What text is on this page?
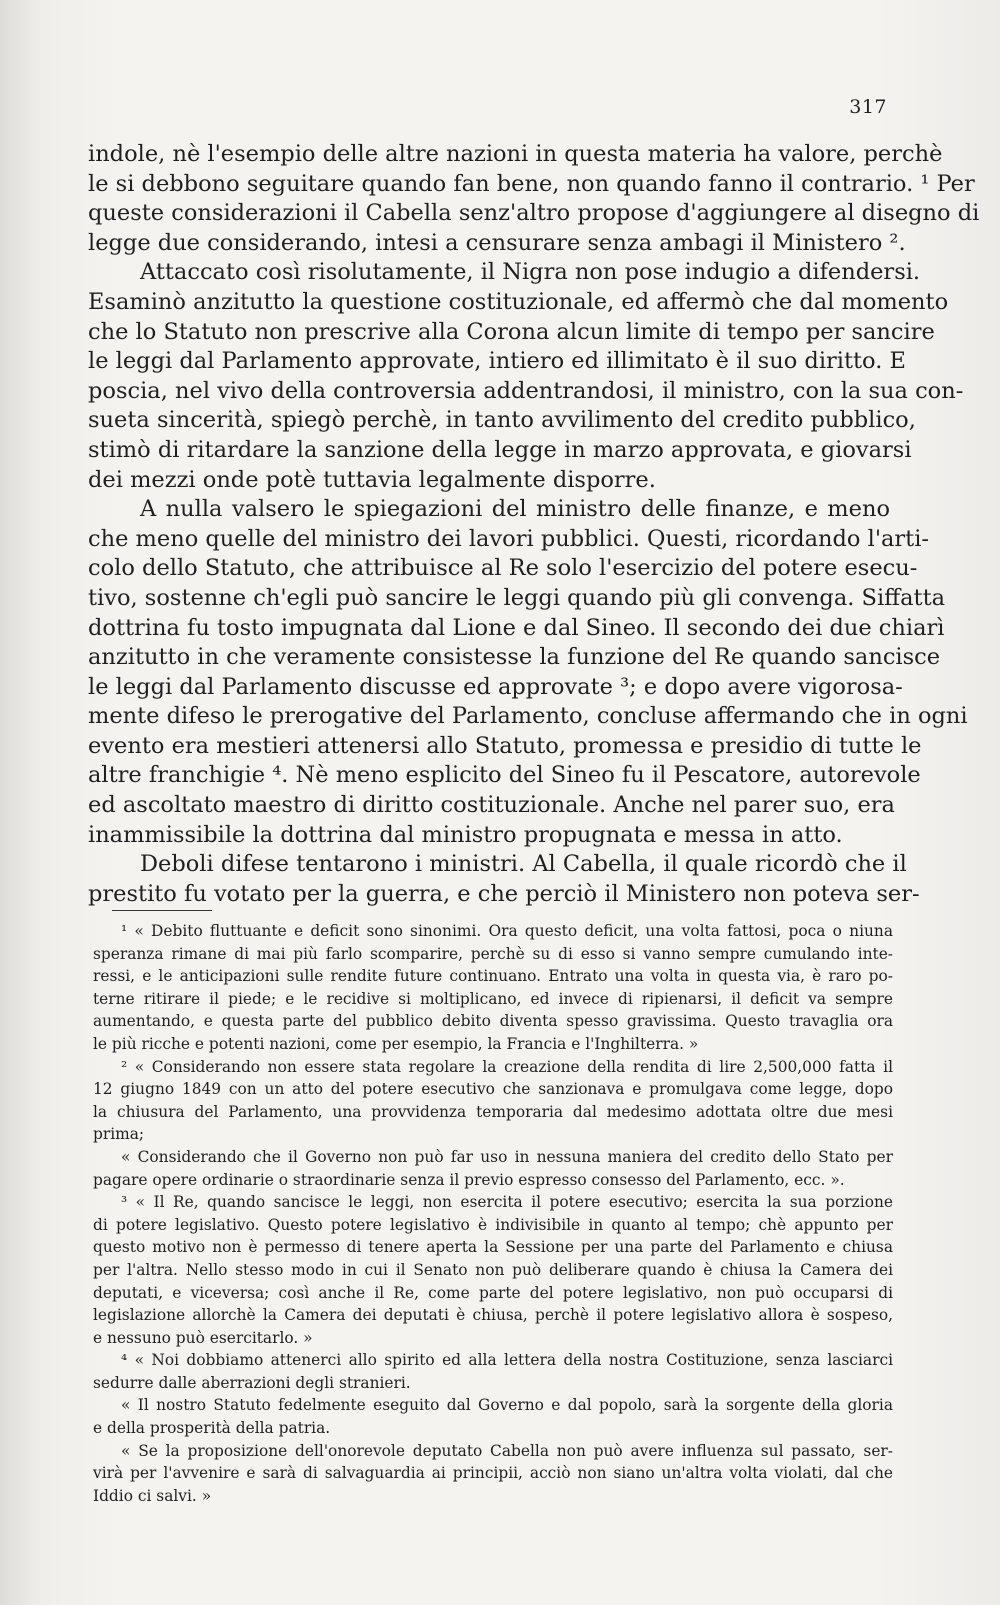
317
indole, nè l'esempio delle altre nazioni in questa materia ha valore, perchè
le si debbono seguitare quando fan bene, non quando fanno il contrario. ¹ Per
queste considerazioni il Cabella senz'altro propose d'aggiungere al disegno di
legge due considerando, intesi a censurare senza ambagi il Ministero ².
Attaccato così risolutamente, il Nigra non pose indugio a difendersi.
Esaminò anzitutto la questione costituzionale, ed affermò che dal momento
che lo Statuto non prescrive alla Corona alcun limite di tempo per sancire
le leggi dal Parlamento approvate, intiero ed illimitato è il suo diritto. E
poscia, nel vivo della controversia addentrandosi, il ministro, con la sua con-
sueta sincerità, spiegò perchè, in tanto avvilimento del credito pubblico,
stimò di ritardare la sanzione della legge in marzo approvata, e giovarsi
dei mezzi onde potè tuttavia legalmente disporre.
A nulla valsero le spiegazioni del ministro delle finanze, e meno
che meno quelle del ministro dei lavori pubblici. Questi, ricordando l'arti-
colo dello Statuto, che attribuisce al Re solo l'esercizio del potere esecu-
tivo, sostenne ch'egli può sancire le leggi quando più gli convenga. Siffatta
dottrina fu tosto impugnata dal Lione e dal Sineo. Il secondo dei due chiarì
anzitutto in che veramente consistesse la funzione del Re quando sancisce
le leggi dal Parlamento discusse ed approvate ³; e dopo avere vigorosa-
mente difeso le prerogative del Parlamento, concluse affermando che in ogni
evento era mestieri attenersi allo Statuto, promessa e presidio di tutte le
altre franchigie ⁴. Nè meno esplicito del Sineo fu il Pescatore, autorevole
ed ascoltato maestro di diritto costituzionale. Anche nel parer suo, era
inammissibile la dottrina dal ministro propugnata e messa in atto.
Deboli difese tentarono i ministri. Al Cabella, il quale ricordò che il
prestito fu votato per la guerra, e che perciò il Ministero non poteva ser-
¹ « Debito fluttuante e deficit sono sinonimi. Ora questo deficit, una volta fattosi, poca o niuna
speranza rimane di mai più farlo scomparire, perchè su di esso si vanno sempre cumulando inte-
ressi, e le anticipazioni sulle rendite future continuano. Entrato una volta in questa via, è raro po-
terne ritirare il piede; e le recidive si moltiplicano, ed invece di ripienarsi, il deficit va sempre
aumentando, e questa parte del pubblico debito diventa spesso gravissima. Questo travaglia ora
le più ricche e potenti nazioni, come per esempio, la Francia e l'Inghilterra. »
² « Considerando non essere stata regolare la creazione della rendita di lire 2,500,000 fatta il
12 giugno 1849 con un atto del potere esecutivo che sanzionava e promulgava come legge, dopo
la chiusura del Parlamento, una provvidenza temporaria dal medesimo adottata oltre due mesi
prima;
« Considerando che il Governo non può far uso in nessuna maniera del credito dello Stato per
pagare opere ordinarie o straordinarie senza il previo espresso consesso del Parlamento, ecc. ».
³ « Il Re, quando sancisce le leggi, non esercita il potere esecutivo; esercita la sua porzione
di potere legislativo. Questo potere legislativo è indivisibile in quanto al tempo; chè appunto per
questo motivo non è permesso di tenere aperta la Sessione per una parte del Parlamento e chiusa
per l'altra. Nello stesso modo in cui il Senato non può deliberare quando è chiusa la Camera dei
deputati, e viceversa; così anche il Re, come parte del potere legislativo, non può occuparsi di
legislazione allorchè la Camera dei deputati è chiusa, perchè il potere legislativo allora è sospeso,
e nessuno può esercitarlo. »
⁴ « Noi dobbiamo attenerci allo spirito ed alla lettera della nostra Costituzione, senza lasciarci
sedurre dalle aberrazioni degli stranieri.
« Il nostro Statuto fedelmente eseguito dal Governo e dal popolo, sarà la sorgente della gloria
e della prosperità della patria.
« Se la proposizione dell'onorevole deputato Cabella non può avere influenza sul passato, ser-
virà per l'avvenire e sarà di salvaguardia ai principii, acciò non siano un'altra volta violati, dal che
Iddio ci salvi. »
